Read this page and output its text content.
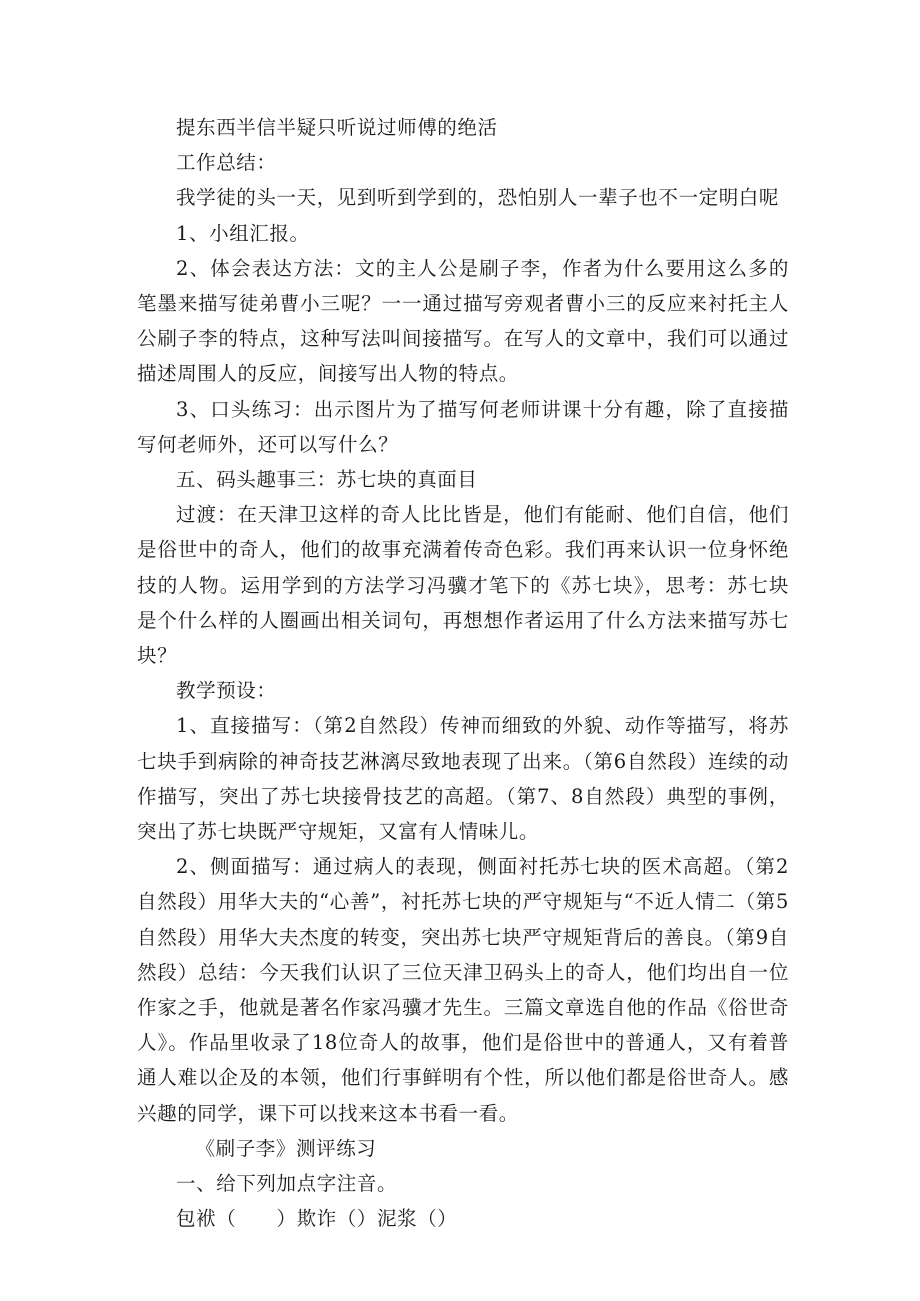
提东西半信半疑只听说过师傅的绝活

工作总结：

我学徒的头一天，见到听到学到的，恐怕别人一辈子也不一定明白呢

1、小组汇报。

2、体会表达方法：文的主人公是刷子李，作者为什么要用这么多的笔墨来描写徒弟曹小三呢？一一通过描写旁观者曹小三的反应来衬托主人公刷子李的特点，这种写法叫间接描写。在写人的文章中，我们可以通过描述周围人的反应，间接写出人物的特点。

3、口头练习：出示图片为了描写何老师讲课十分有趣，除了直接描写何老师外，还可以写什么？

五、码头趣事三：苏七块的真面目

过渡：在天津卫这样的奇人比比皆是，他们有能耐、他们自信，他们是俗世中的奇人，他们的故事充满着传奇色彩。我们再来认识一位身怀绝技的人物。运用学到的方法学习冯骥才笔下的《苏七块》，思考：苏七块是个什么样的人圈画出相关词句，再想想作者运用了什么方法来描写苏七块？

教学预设：

1、直接描写：（第2自然段）传神而细致的外貌、动作等描写，将苏七块手到病除的神奇技艺淋漓尽致地表现了出来。（第6自然段）连续的动作描写，突出了苏七块接骨技艺的高超。（第7、8自然段）典型的事例，突出了苏七块既严守规矩，又富有人情味儿。

2、侧面描写：通过病人的表现，侧面衬托苏七块的医术高超。（第2自然段）用华大夫的“心善”，衬托苏七块的严守规矩与“不近人情二（第5自然段）用华大夫杰度的转变，突出苏七块严守规矩背后的善良。（第9自然段）总结：今天我们认识了三位天津卫码头上的奇人，他们均出自一位作家之手，他就是著名作家冯骥才先生。三篇文章选自他的作品《俗世奇人》。作品里收录了18位奇人的故事，他们是俗世中的普通人，又有着普通人难以企及的本领，他们行事鲜明有个性，所以他们都是俗世奇人。感兴趣的同学，课下可以找来这本书看一看。

《刷子李》测评练习

一、给下列加点字注音。

包袱（　　）欺诈（）泥浆（）
